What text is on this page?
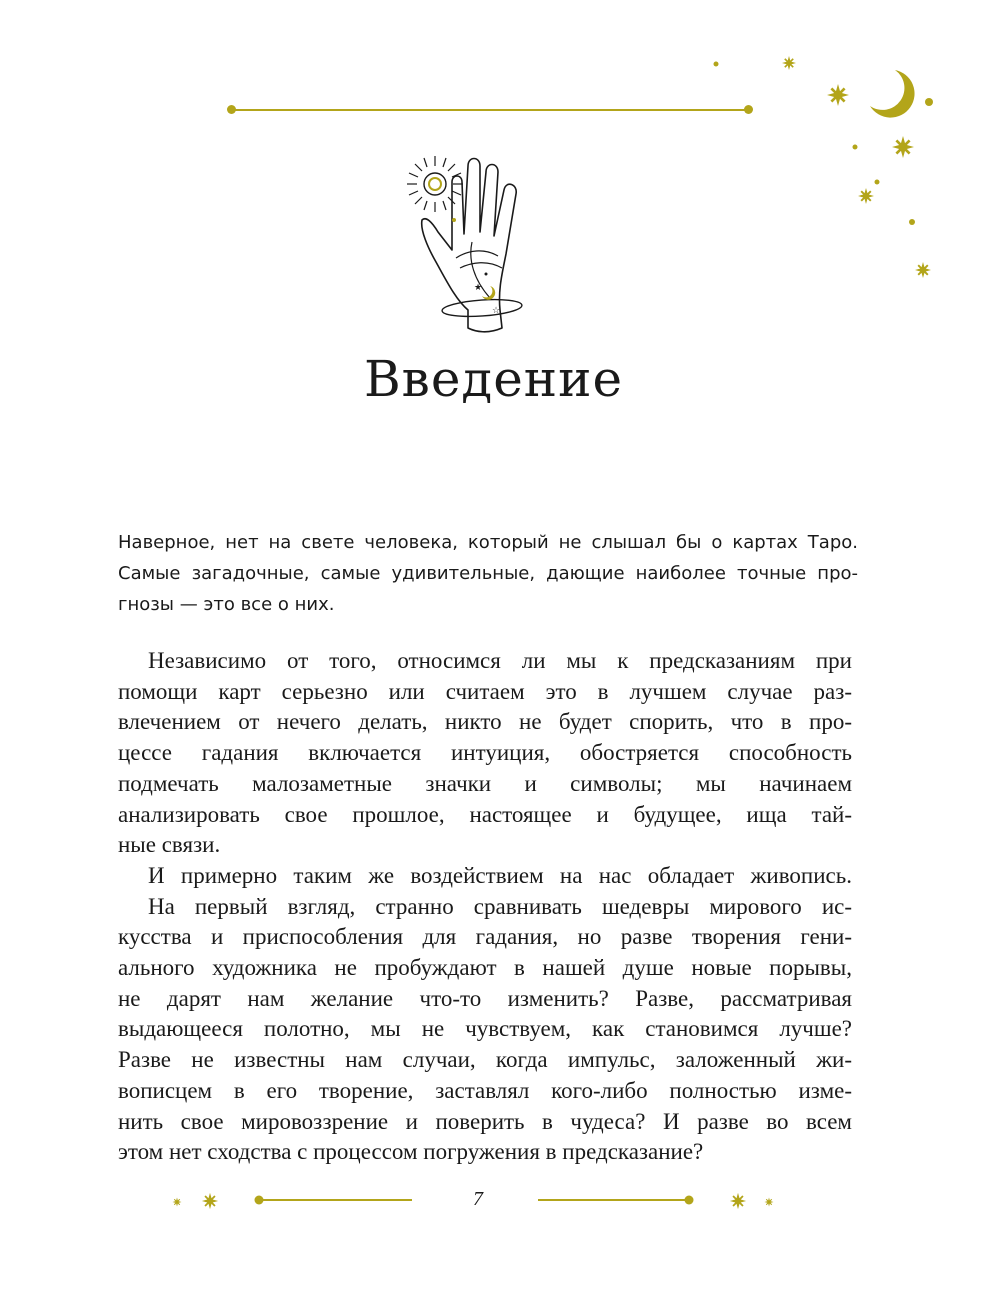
★
☆
Введение
Наверное, нет на свете человека, который не слышал бы о картах Таро.
Самые загадочные, самые удивительные, дающие наиболее точные про-
гнозы — это все о них.
Независимо от того, относимся ли мы к предсказаниям при
помощи карт серьезно или считаем это в лучшем случае раз-
влечением от нечего делать, никто не будет спорить, что в про-
цессе гадания включается интуиция, обостряется способность
подмечать малозаметные значки и символы; мы начинаем
анализировать свое прошлое, настоящее и будущее, ища тай-
ные связи.
И примерно таким же воздействием на нас обладает живопись.
На первый взгляд, странно сравнивать шедевры мирового ис-
кусства и приспособления для гадания, но разве творения гени-
ального художника не пробуждают в нашей душе новые порывы,
не дарят нам желание что-то изменить? Разве, рассматривая
выдающееся полотно, мы не чувствуем, как становимся лучше?
Разве не известны нам случаи, когда импульс, заложенный жи-
вописцем в его творение, заставлял кого-либо полностью изме-
нить свое мировоззрение и поверить в чудеса? И разве во всем
этом нет сходства с процессом погружения в предсказание?
7
